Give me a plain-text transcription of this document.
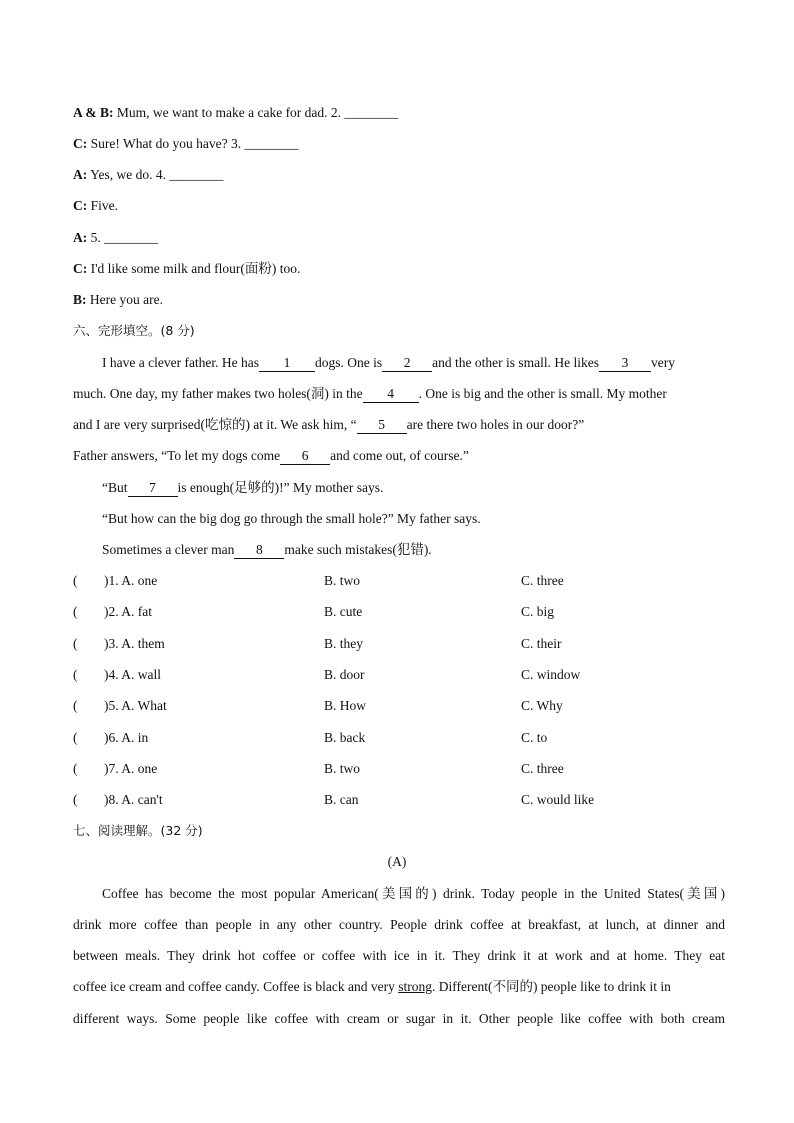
A & B: Mum, we want to make a cake for dad. 2. ________
C: Sure! What do you have? 3. ________
A: Yes, we do. 4. ________
C: Five.
A: 5. ________
C: I'd like some milk and flour(面粉) too.
B: Here you are.
六、完形填空。(8 分)
I have a clever father. He has 1 dogs. One is 2 and the other is small. He likes 3 very
much. One day, my father makes two holes(洞) in the 4 . One is big and the other is small. My mother
and I are very surprised(吃惊的) at it. We ask him, “ 5 are there two holes in our door?”
Father answers, “To let my dogs come 6 and come out, of course.”
“But 7 is enough(足够的)!” My mother says.
“But how can the big dog go through the small hole?” My father says.
Sometimes a clever man 8 make such mistakes(犯错).
( )1. A. one	B. two	C. three
( )2. A. fat	B. cute	C. big
( )3. A. them	B. they	C. their
( )4. A. wall	B. door	C. window
( )5. A. What	B. How	C. Why
( )6. A. in	B. back	C. to
( )7. A. one	B. two	C. three
( )8. A. can't	B. can	C. would like
七、阅读理解。(32 分)
(A)
Coffee has become the most popular American(美国的) drink. Today people in the United States(美国)
drink more coffee than people in any other country. People drink coffee at breakfast, at lunch, at dinner and
between meals. They drink hot coffee or coffee with ice in it. They drink it at work and at home. They eat
coffee ice cream and coffee candy. Coffee is black and very strong. Different(不同的) people like to drink it in
different ways. Some people like coffee with cream or sugar in it. Other people like coffee with both cream
